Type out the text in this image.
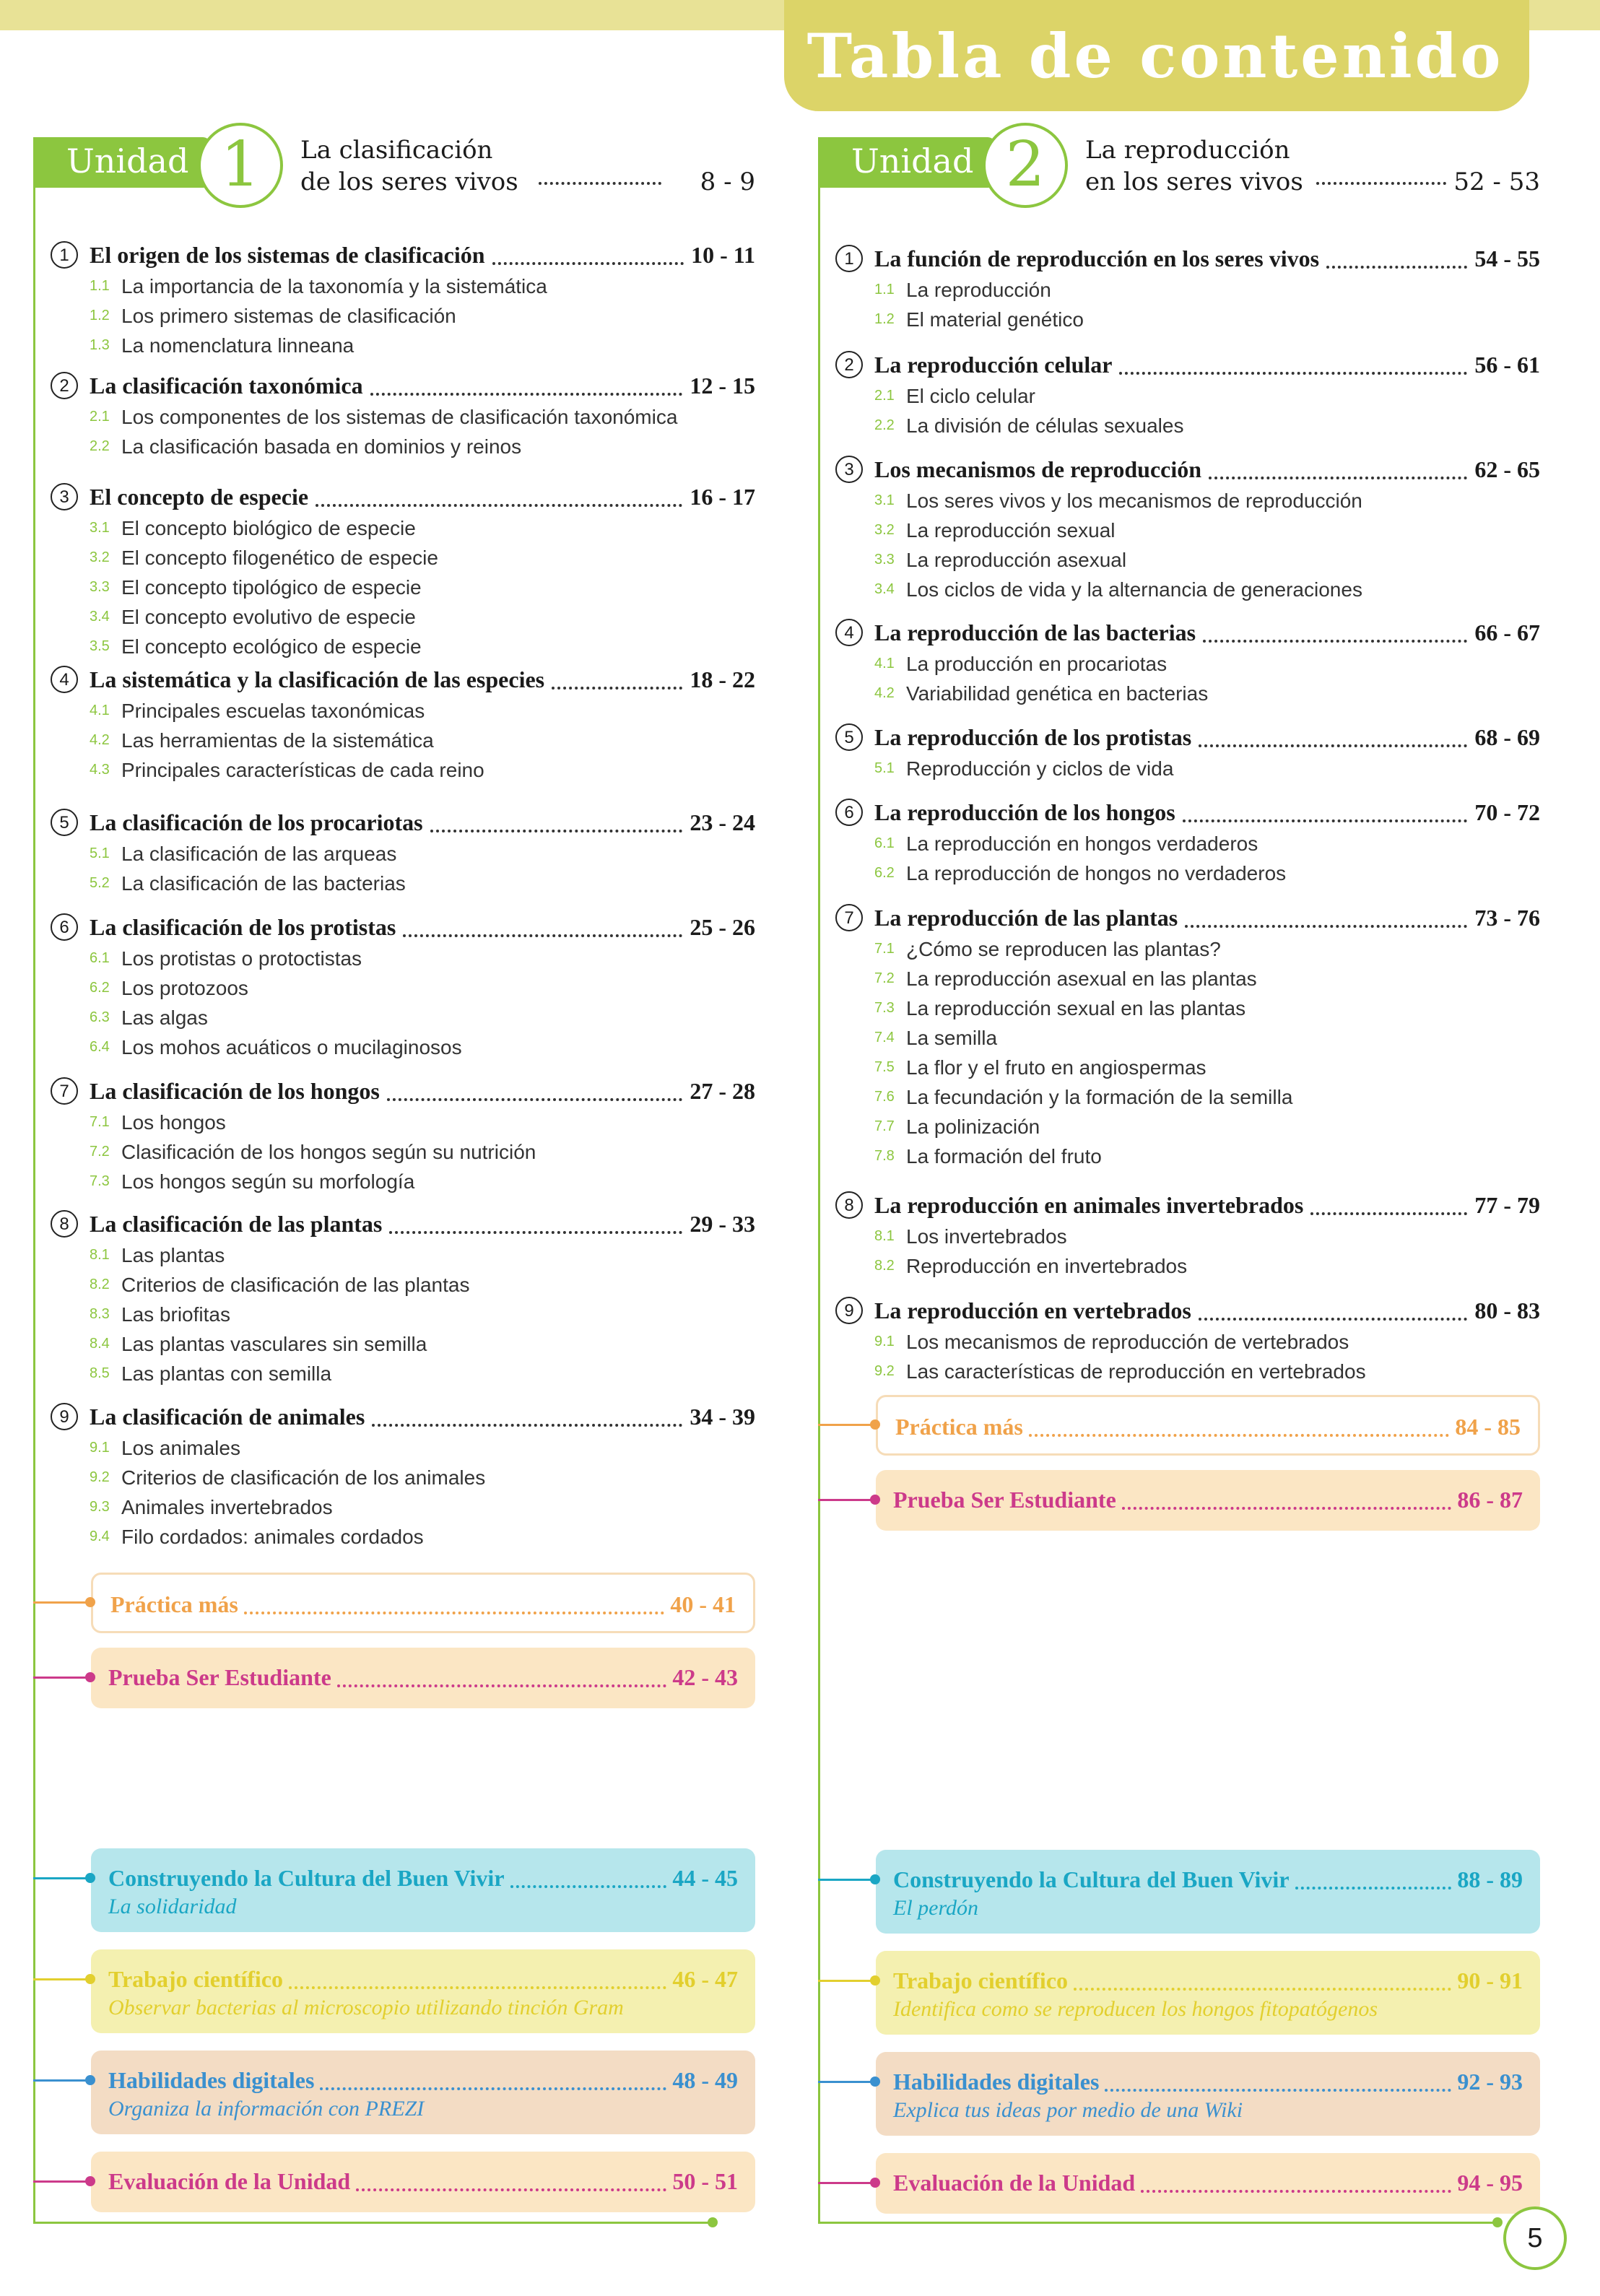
Tabla de contenido
Unidad 1	La clasificación
de los seres vivos	8 - 9
1 El origen de los sistemas de clasificación	10 - 11
1.1 La importancia de la taxonomía y la sistemática
1.2 Los primero sistemas de clasificación
1.3 La nomenclatura linneana
2 La clasificación taxonómica	12 - 15
2.1 Los componentes de los sistemas de clasificación taxonómica
2.2 La clasificación basada en dominios y reinos
3 El concepto de especie	16 - 17
3.1 El concepto biológico de especie
3.2 El concepto filogenético de especie
3.3 El concepto tipológico de especie
3.4 El concepto evolutivo de especie
3.5 El concepto ecológico de especie
4 La sistemática y la clasificación de las especies	18 - 22
4.1 Principales escuelas taxonómicas
4.2 Las herramientas de la sistemática
4.3 Principales características de cada reino
5 La clasificación de los procariotas	23 - 24
5.1 La clasificación de las arqueas
5.2 La clasificación de las bacterias
6 La clasificación de los protistas	25 - 26
6.1 Los protistas o protoctistas
6.2 Los protozoos
6.3 Las algas
6.4 Los mohos acuáticos o mucilaginosos
7 La clasificación de los hongos	27 - 28
7.1 Los hongos
7.2 Clasificación de los hongos según su nutrición
7.3 Los hongos según su morfología
8 La clasificación de las plantas	29 - 33
8.1 Las plantas
8.2 Criterios de clasificación de las plantas
8.3 Las briofitas
8.4 Las plantas vasculares sin semilla
8.5 Las plantas con semilla
9 La clasificación de animales	34 - 39
9.1 Los animales
9.2 Criterios de clasificación de los animales
9.3 Animales invertebrados
9.4 Filo cordados: animales cordados
Práctica más	40 - 41
Prueba Ser Estudiante	42 - 43
Construyendo la Cultura del Buen Vivir	44 - 45
La solidaridad
Trabajo científico	46 - 47
Observar bacterias al microscopio utilizando tinción Gram
Habilidades digitales	48 - 49
Organiza la información con PREZI
Evaluación de la Unidad	50 - 51
Unidad 2	La reproducción
en los seres vivos	52 - 53
1 La función de reproducción en los seres vivos	54 - 55
1.1 La reproducción
1.2 El material genético
2 La reproducción celular	56 - 61
2.1 El ciclo celular
2.2 La división de células sexuales
3 Los mecanismos de reproducción	62 - 65
3.1 Los seres vivos y los mecanismos de reproducción
3.2 La reproducción sexual
3.3 La reproducción asexual
3.4 Los ciclos de vida y la alternancia de generaciones
4 La reproducción de las bacterias	66 - 67
4.1 La producción en procariotas
4.2 Variabilidad genética en bacterias
5 La reproducción de los protistas	68 - 69
5.1 Reproducción y ciclos de vida
6 La reproducción de los hongos	70 - 72
6.1 La reproducción en hongos verdaderos
6.2 La reproducción de hongos no verdaderos
7 La reproducción de las plantas	73 - 76
7.1 ¿Cómo se reproducen las plantas?
7.2 La reproducción asexual en las plantas
7.3 La reproducción sexual en las plantas
7.4 La semilla
7.5 La flor y el fruto en angiospermas
7.6 La fecundación y la formación de la semilla
7.7 La polinización
7.8 La formación del fruto
8 La reproducción en animales invertebrados	77 - 79
8.1 Los invertebrados
8.2 Reproducción en invertebrados
9 La reproducción en vertebrados	80 - 83
9.1 Los mecanismos de reproducción de vertebrados
9.2 Las características de reproducción en vertebrados
Práctica más	84 - 85
Prueba Ser Estudiante	86 - 87
Construyendo la Cultura del Buen Vivir	88 - 89
El perdón
Trabajo científico	90 - 91
Identifica como se reproducen los hongos fitopatógenos
Habilidades digitales	92 - 93
Explica tus ideas por medio de una Wiki
Evaluación de la Unidad	94 - 95
5
